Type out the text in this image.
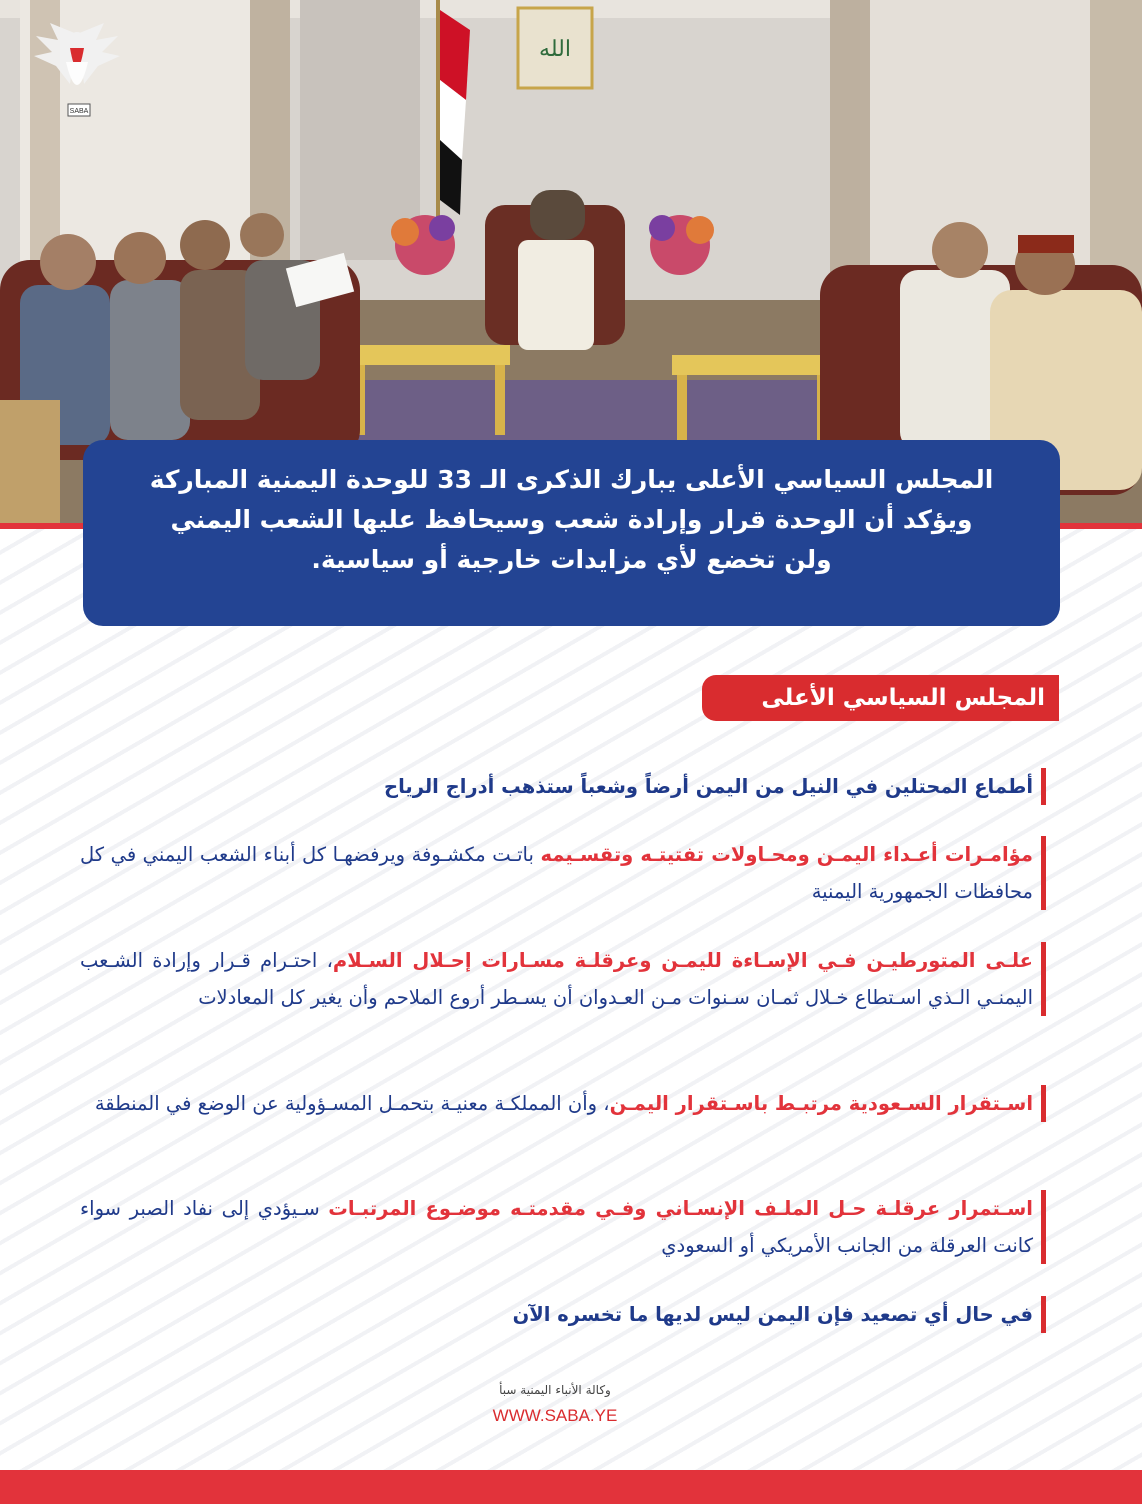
الله
SABA
المجلس السياسي الأعلى يبارك الذكرى الـ 33 للوحدة اليمنية المباركة
ويؤكد أن الوحدة قرار وإرادة شعب وسيحافظ عليها الشعب اليمني
ولن تخضع لأي مزايدات خارجية أو سياسية.
المجلس السياسي الأعلى
أطماع المحتلين في النيل من اليمن أرضاً وشعباً ستذهب أدراج الرياح
مؤامـرات أعـداء اليمـن ومحـاولات تفتيتـه وتقسـيمه باتـت مكشـوفة ويرفضهـا كل أبناء الشعب اليمني في كل محافظات الجمهورية اليمنية
علـى المتورطيـن فـي الإسـاءة لليمـن وعرقلـة مسـارات إحـلال السـلام، احتـرام قـرار وإرادة الشـعب اليمنـي الـذي اسـتطاع خـلال ثمـان سـنوات مـن العـدوان أن يسـطر أروع الملاحم وأن يغير كل المعادلات
اسـتقرار السـعودية مرتبـط باسـتقرار اليمـن، وأن المملكـة معنيـة بتحمـل المسـؤولية عن الوضع في المنطقة
اسـتمرار عرقلـة حـل الملـف الإنسـاني وفـي مقدمتـه موضـوع المرتبـات سـيؤدي إلى نفاد الصبر سواء كانت العرقلة من الجانب الأمريكي أو السعودي
في حال أي تصعيد فإن اليمن ليس لديها ما تخسره الآن
وكالة الأنباء اليمنية سبأ
WWW.SABA.YE
